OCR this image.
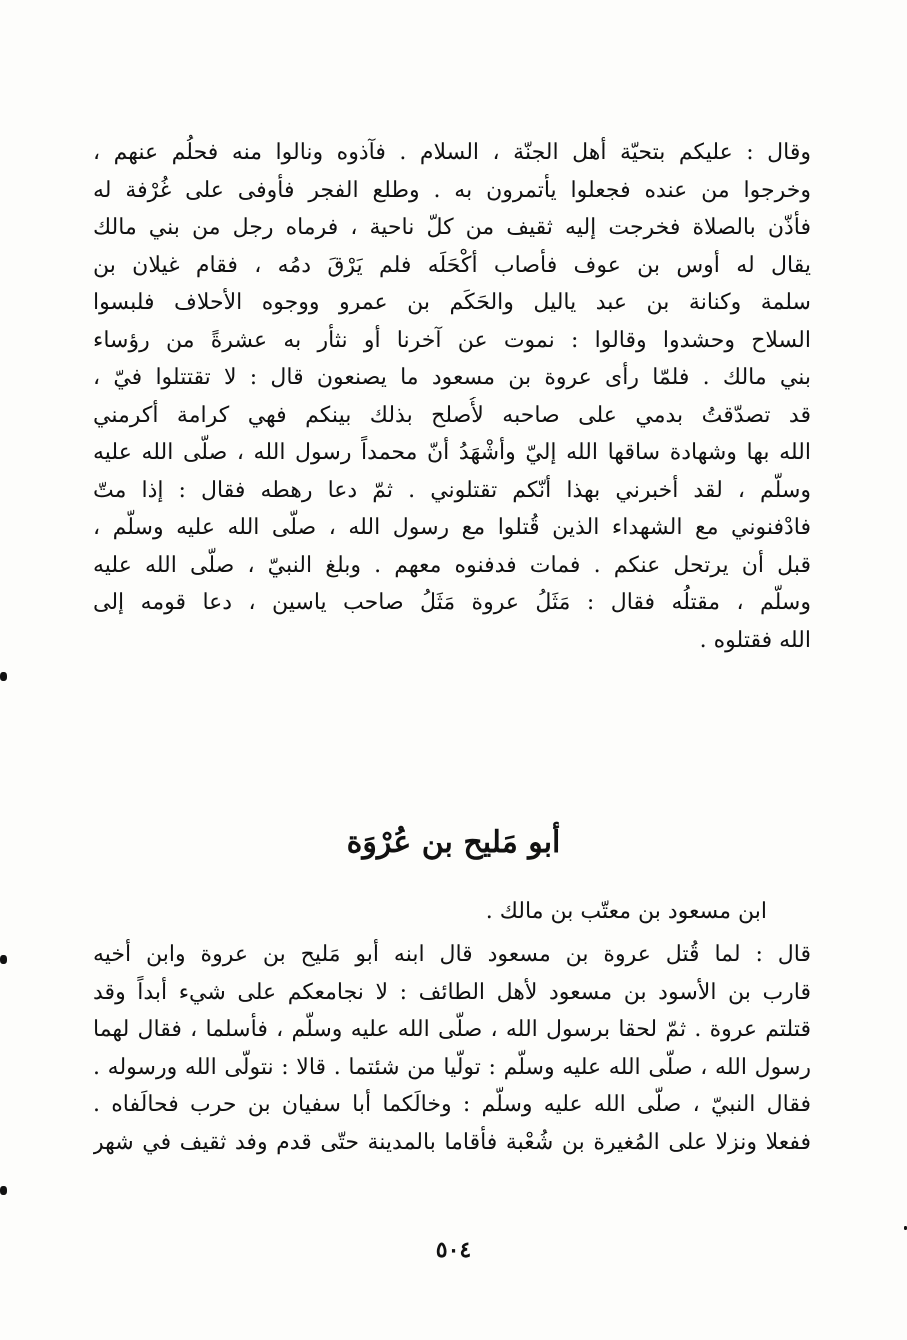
وقال : عليكم بتحيّة أهل الجنّة ، السلام . فآذوه ونالوا منه فحلُم عنهم ،
وخرجوا من عنده فجعلوا يأتمرون به . وطلع الفجر فأوفى على غُرْفة له
فأذّن بالصلاة فخرجت إليه ثقيف من كلّ ناحية ، فرماه رجل من بني مالك
يقال له أوس بن عوف فأصاب أكْحَلَه فلم يَرْقَ دمُه ، فقام غيلان بن
سلمة وكنانة بن عبد ياليل والحَكَم بن عمرو ووجوه الأحلاف فلبسوا
السلاح وحشدوا وقالوا : نموت عن آخرنا أو نثأر به عشرةً من رؤساء
بني مالك . فلمّا رأى عروة بن مسعود ما يصنعون قال : لا تقتتلوا فيّ ،
قد تصدّقتُ بدمي على صاحبه لأُصلح بذلك بينكم فهي كرامة أكرمني
الله بها وشهادة ساقها الله إليّ وأشْهَدُ أنّ محمداً رسول الله ، صلّى الله عليه
وسلّم ، لقد أخبرني بهذا أنّكم تقتلوني . ثمّ دعا رهطه فقال : إذا متّ
فادْفنوني مع الشهداء الذين قُتلوا مع رسول الله ، صلّى الله عليه وسلّم ،
قبل أن يرتحل عنكم . فمات فدفنوه معهم . وبلغ النبيّ ، صلّى الله عليه
وسلّم ، مقتلُه فقال : مَثَلُ عروة مَثَلُ صاحب ياسين ، دعا قومه إلى
الله فقتلوه .
أبو مَليح بن عُرْوَة
ابن مسعود بن معتّب بن مالك .
قال : لما قُتل عروة بن مسعود قال ابنه أبو مَليح بن عروة وابن أخيه
قارب بن الأسود بن مسعود لأهل الطائف : لا نجامعكم على شيء أبداً وقد
قتلتم عروة . ثمّ لحقا برسول الله ، صلّى الله عليه وسلّم ، فأسلما ، فقال لهما
رسول الله ، صلّى الله عليه وسلّم : تولّيا من شئتما . قالا : نتولّى الله ورسوله .
فقال النبيّ ، صلّى الله عليه وسلّم : وخالَكما أبا سفيان بن حرب فحالَفاه .
ففعلا ونزلا على المُغيرة بن شُعْبة فأقاما بالمدينة حتّى قدم وفد ثقيف في شهر
٥٠٤
